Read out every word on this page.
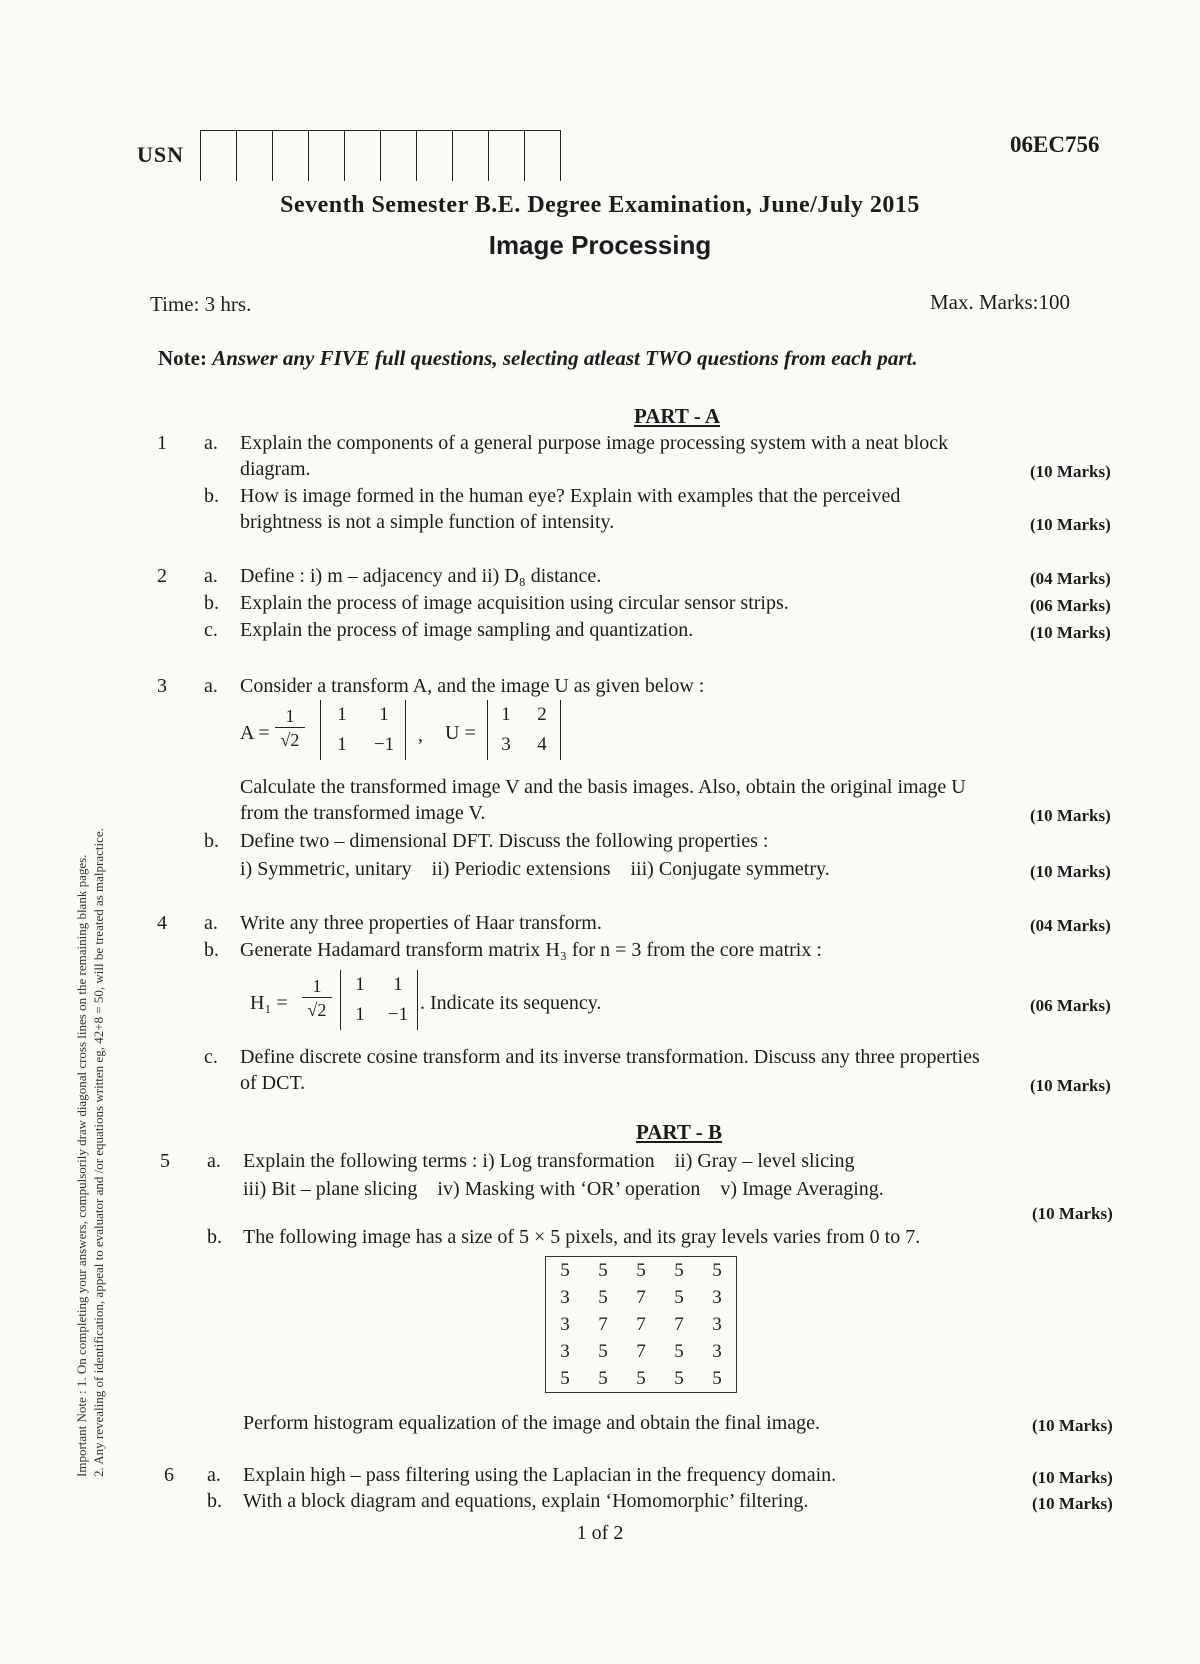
Important Note : 1. On completing your answers, compulsorily draw diagonal cross lines on the remaining blank pages. 2. Any revealing of identification, appeal to evaluator and /or equations written eg, 42+8 = 50, will be treated as malpractice.
USN	06EC756
Seventh Semester B.E. Degree Examination, June/July 2015
Image Processing
Time: 3 hrs.	Max. Marks:100
Note: Answer any FIVE full questions, selecting atleast TWO questions from each part.
PART - A
1 a. Explain the components of a general purpose image processing system with a neat block
diagram.	(10 Marks)
b. How is image formed in the human eye? Explain with examples that the perceived
brightness is not a simple function of intensity.	(10 Marks)
2 a. Define : i) m – adjacency and ii) D₈ distance.	(04 Marks)
b. Explain the process of image acquisition using circular sensor strips.	(06 Marks)
c. Explain the process of image sampling and quantization.	(10 Marks)
3 a. Consider a transform A, and the image U as given below :
$A = \frac{1}{√2} 1$	1
1	−1 , U =
1	2
3	4
Calculate the transformed image V and the basis images. Also, obtain the original image U
from the transformed image V.	(10 Marks)
b. Define two – dimensional DFT. Discuss the following properties :
i) Symmetric, unitary    ii) Periodic extensions    iii) Conjugate symmetry.	(10 Marks)
4 a. Write any three properties of Haar transform.	(04 Marks)
b. Generate Hadamard transform matrix H₃ for n = 3 from the core matrix :
$H_1 = \frac{1}{√2} 1$	1
1	−1
. Indicate its sequency.	(06 Marks)
c. Define discrete cosine transform and its inverse transformation. Discuss any three properties
of DCT.	(10 Marks)
PART - B
5 a. Explain the following terms : i) Log transformation    ii) Gray – level slicing
iii) Bit – plane slicing    iv) Masking with ‘OR’ operation    v) Image Averaging.
(10 Marks)
b. The following image has a size of 5 × 5 pixels, and its gray levels varies from 0 to 7.
5	5	5	5	5
3	5	7	5	3
3	7	7	7	3
3	5	7	5	3
5	5	5	5	5
Perform histogram equalization of the image and obtain the final image.	(10 Marks)
6 a. Explain high – pass filtering using the Laplacian in the frequency domain.	(10 Marks)
b. With a block diagram and equations, explain ‘Homomorphic’ filtering.	(10 Marks)
1 of 2
